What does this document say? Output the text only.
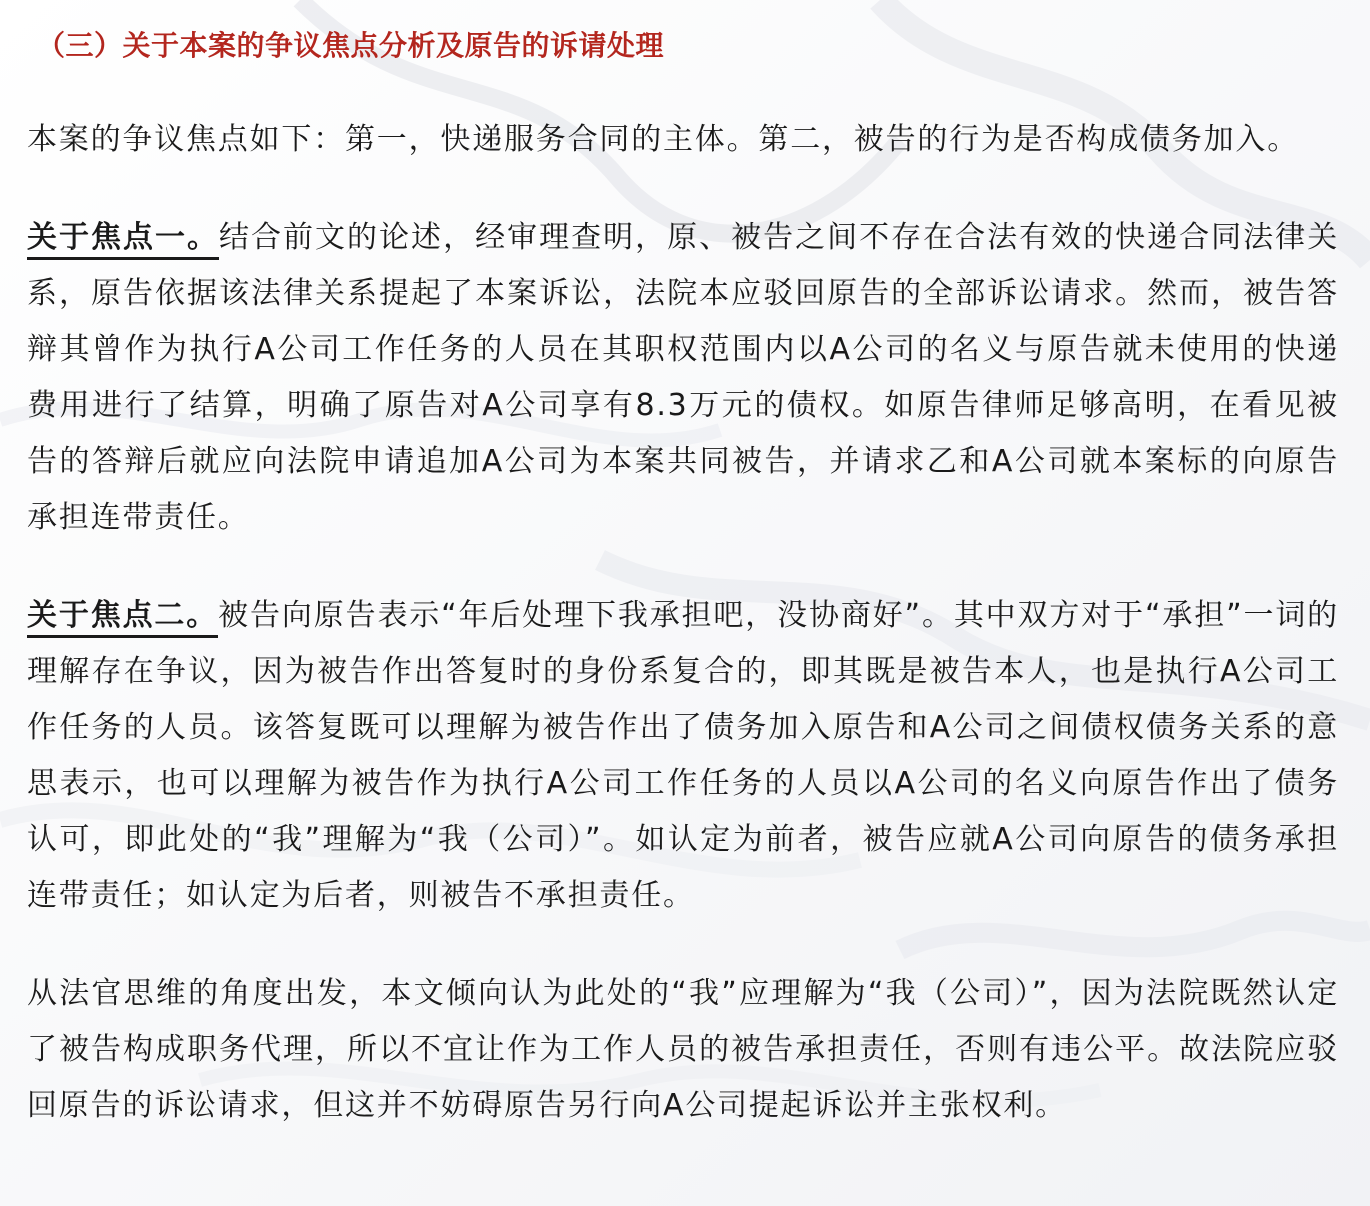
（三）关于本案的争议焦点分析及原告的诉请处理

本案的争议焦点如下：第一，快递服务合同的主体。第二，被告的行为是否构成债务加入。

关于焦点一。结合前文的论述，经审理查明，原、被告之间不存在合法有效的快递合同法律关系，原告依据该法律关系提起了本案诉讼，法院本应驳回原告的全部诉讼请求。然而，被告答辩其曾作为执行A公司工作任务的人员在其职权范围内以A公司的名义与原告就未使用的快递费用进行了结算，明确了原告对A公司享有8.3万元的债权。如原告律师足够高明，在看见被告的答辩后就应向法院申请追加A公司为本案共同被告，并请求乙和A公司就本案标的向原告承担连带责任。

关于焦点二。被告向原告表示“年后处理下我承担吧，没协商好”。其中双方对于“承担”一词的理解存在争议，因为被告作出答复时的身份系复合的，即其既是被告本人，也是执行A公司工作任务的人员。该答复既可以理解为被告作出了债务加入原告和A公司之间债权债务关系的意思表示，也可以理解为被告作为执行A公司工作任务的人员以A公司的名义向原告作出了债务认可，即此处的“我”理解为“我（公司）”。如认定为前者，被告应就A公司向原告的债务承担连带责任；如认定为后者，则被告不承担责任。

从法官思维的角度出发，本文倾向认为此处的“我”应理解为“我（公司）”，因为法院既然认定了被告构成职务代理，所以不宜让作为工作人员的被告承担责任，否则有违公平。故法院应驳回原告的诉讼请求，但这并不妨碍原告另行向A公司提起诉讼并主张权利。
